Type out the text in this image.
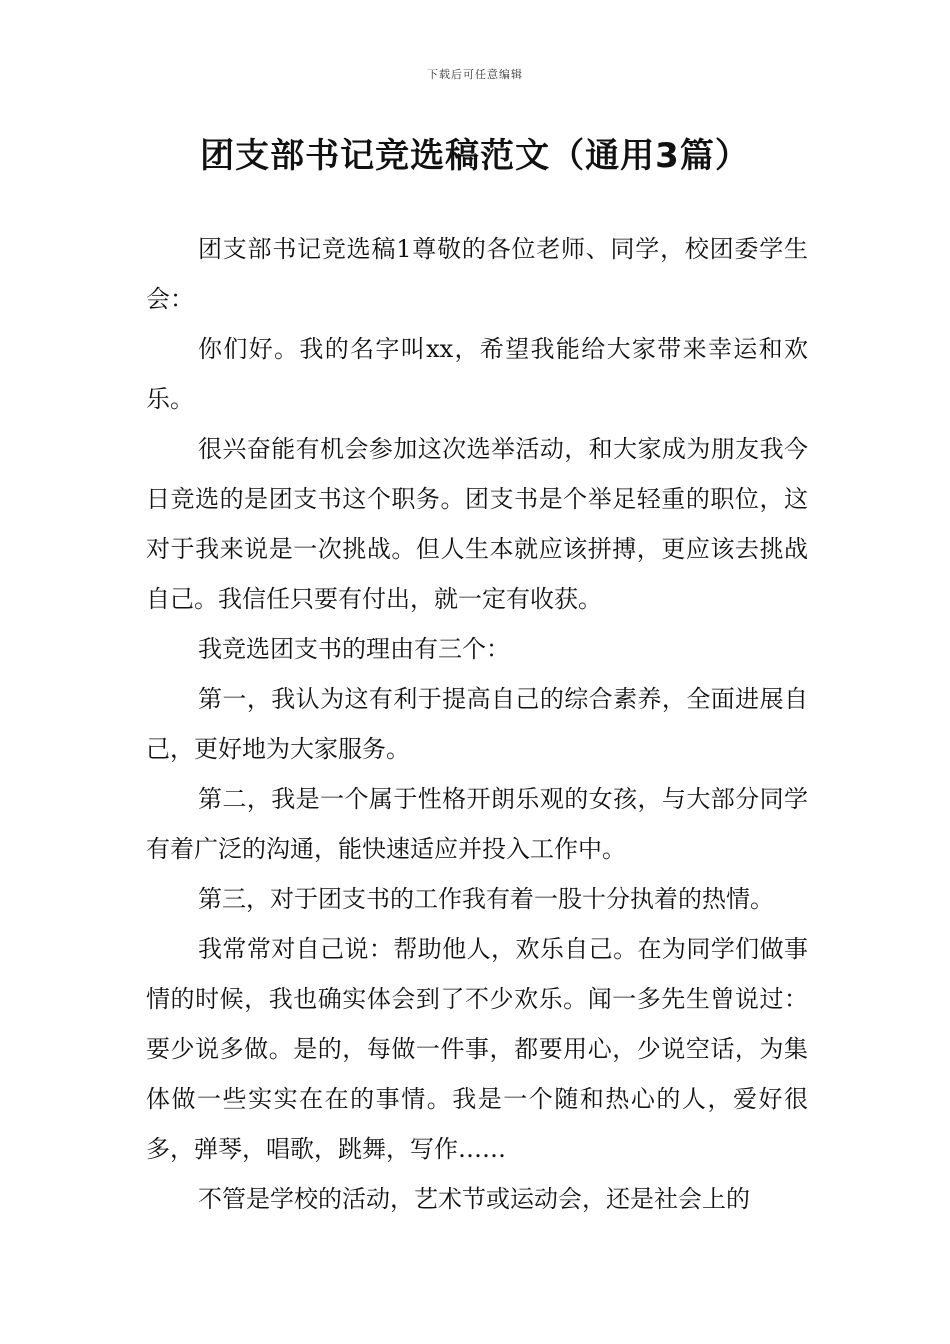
下载后可任意编辑
团支部书记竞选稿范文（通用3篇）

团支部书记竞选稿1尊敬的各位老师、同学，校团委学生会：

你们好。我的名字叫xx，希望我能给大家带来幸运和欢乐。

很兴奋能有机会参加这次选举活动，和大家成为朋友我今日竞选的是团支书这个职务。团支书是个举足轻重的职位，这对于我来说是一次挑战。但人生本就应该拼搏，更应该去挑战自己。我信任只要有付出，就一定有收获。

我竞选团支书的理由有三个：

第一，我认为这有利于提高自己的综合素养，全面进展自己，更好地为大家服务。

第二，我是一个属于性格开朗乐观的女孩，与大部分同学有着广泛的沟通，能快速适应并投入工作中。

第三，对于团支书的工作我有着一股十分执着的热情。

我常常对自己说：帮助他人，欢乐自己。在为同学们做事情的时候，我也确实体会到了不少欢乐。闻一多先生曾说过：要少说多做。是的，每做一件事，都要用心，少说空话，为集体做一些实实在在的事情。我是一个随和热心的人，爱好很多，弹琴，唱歌，跳舞，写作……

不管是学校的活动，艺术节或运动会，还是社会上的
